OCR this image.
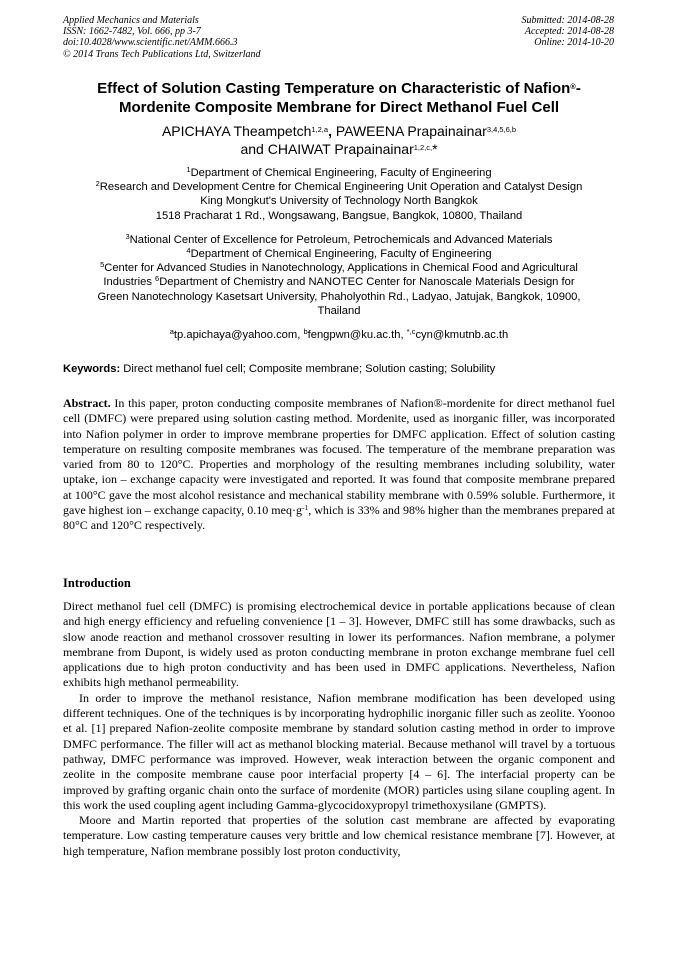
Applied Mechanics and Materials
ISSN: 1662-7482, Vol. 666, pp 3-7
doi:10.4028/www.scientific.net/AMM.666.3
© 2014 Trans Tech Publications Ltd, Switzerland
Submitted: 2014-08-28
Accepted: 2014-08-28
Online: 2014-10-20
Effect of Solution Casting Temperature on Characteristic of Nafion®-
Mordenite Composite Membrane for Direct Methanol Fuel Cell
APICHAYA Theampetch$^{1,2,a}$, PAWEENA Prapainainar$^{3,4,5,6,b}$
and CHAIWAT Prapainainar$^{1,2,c,}$*
$^1$Department of Chemical Engineering, Faculty of Engineering
$^2$Research and Development Centre for Chemical Engineering Unit Operation and Catalyst Design
King Mongkut's University of Technology North Bangkok
1518 Pracharat 1 Rd., Wongsawang, Bangsue, Bangkok, 10800, Thailand
$^3$National Center of Excellence for Petroleum, Petrochemicals and Advanced Materials
$^4$Department of Chemical Engineering, Faculty of Engineering
$^5$Center for Advanced Studies in Nanotechnology, Applications in Chemical Food and Agricultural
Industries $^6$Department of Chemistry and NANOTEC Center for Nanoscale Materials Design for
Green Nanotechnology Kasetsart University, Phaholyothin Rd., Ladyao, Jatujak, Bangkok, 10900,
Thailand
$^a$tp.apichaya@yahoo.com, $^b$fengpwn@ku.ac.th, $^{*,c}$cyn@kmutnb.ac.th
Keywords: Direct methanol fuel cell; Composite membrane; Solution casting; Solubility
Abstract. In this paper, proton conducting composite membranes of Nafion®-mordenite for direct methanol fuel cell (DMFC) were prepared using solution casting method. Mordenite, used as inorganic filler, was incorporated into Nafion polymer in order to improve membrane properties for DMFC application. Effect of solution casting temperature on resulting composite membranes was focused. The temperature of the membrane preparation was varied from 80 to 120°C. Properties and morphology of the resulting membranes including solubility, water uptake, ion – exchange capacity were investigated and reported. It was found that composite membrane prepared at 100°C gave the most alcohol resistance and mechanical stability membrane with 0.59% soluble. Furthermore, it gave highest ion – exchange capacity, 0.10 $meq\cdot g^{-1}$, which is 33% and 98% higher than the membranes prepared at 80°C and 120°C respectively.
Introduction

Direct methanol fuel cell (DMFC) is promising electrochemical device in portable applications because of clean and high energy efficiency and refueling convenience [1 – 3]. However, DMFC still has some drawbacks, such as slow anode reaction and methanol crossover resulting in lower its performances. Nafion membrane, a polymer membrane from Dupont, is widely used as proton conducting membrane in proton exchange membrane fuel cell applications due to high proton conductivity and has been used in DMFC applications. Nevertheless, Nafion exhibits high methanol permeability.

In order to improve the methanol resistance, Nafion membrane modification has been developed using different techniques. One of the techniques is by incorporating hydrophilic inorganic filler such as zeolite. Yoonoo et al. [1] prepared Nafion-zeolite composite membrane by standard solution casting method in order to improve DMFC performance. The filler will act as methanol blocking material. Because methanol will travel by a tortuous pathway, DMFC performance was improved. However, weak interaction between the organic component and zeolite in the composite membrane cause poor interfacial property [4 – 6]. The interfacial property can be improved by grafting organic chain onto the surface of mordenite (MOR) particles using silane coupling agent. In this work the used coupling agent including Gamma-glycocidoxypropyl trimethoxysilane (GMPTS).

Moore and Martin reported that properties of the solution cast membrane are affected by evaporating temperature. Low casting temperature causes very brittle and low chemical resistance membrane [7]. However, at high temperature, Nafion membrane possibly lost proton conductivity,
